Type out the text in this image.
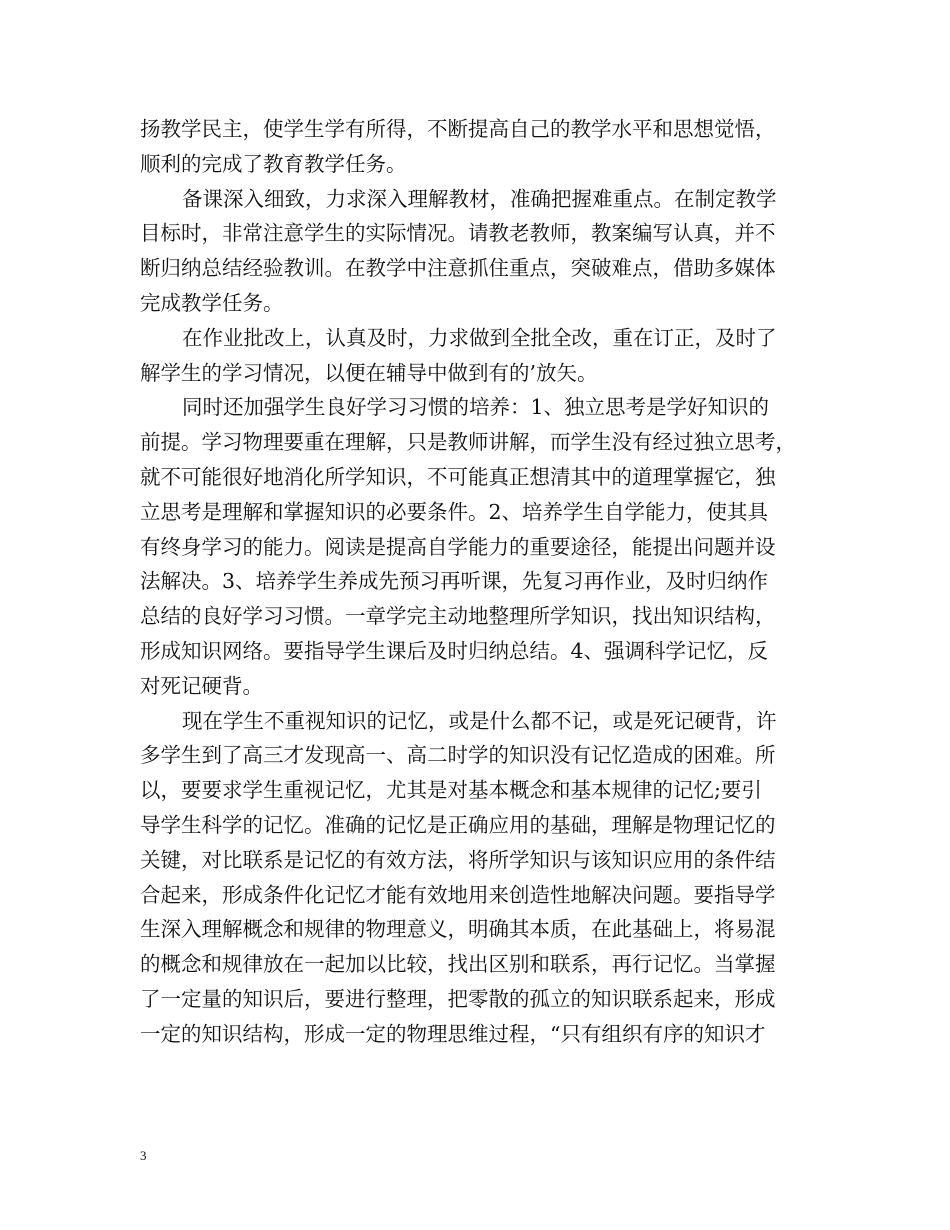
扬教学民主，使学生学有所得，不断提高自己的教学水平和思想觉悟，
顺利的完成了教育教学任务。
备课深入细致，力求深入理解教材，准确把握难重点。在制定教学
目标时，非常注意学生的实际情况。请教老教师，教案编写认真，并不
断归纳总结经验教训。在教学中注意抓住重点，突破难点，借助多媒体
完成教学任务。
在作业批改上，认真及时，力求做到全批全改，重在订正，及时了
解学生的学习情况，以便在辅导中做到有的’放矢。
同时还加强学生良好学习习惯的培养：1、独立思考是学好知识的
前提。学习物理要重在理解，只是教师讲解，而学生没有经过独立思考，
就不可能很好地消化所学知识，不可能真正想清其中的道理掌握它，独
立思考是理解和掌握知识的必要条件。2、培养学生自学能力，使其具
有终身学习的能力。阅读是提高自学能力的重要途径，能提出问题并设
法解决。3、培养学生养成先预习再听课，先复习再作业，及时归纳作
总结的良好学习习惯。一章学完主动地整理所学知识，找出知识结构，
形成知识网络。要指导学生课后及时归纳总结。4、强调科学记忆，反
对死记硬背。
现在学生不重视知识的记忆，或是什么都不记，或是死记硬背，许
多学生到了高三才发现高一、高二时学的知识没有记忆造成的困难。所
以，要要求学生重视记忆，尤其是对基本概念和基本规律的记忆;要引
导学生科学的记忆。准确的记忆是正确应用的基础，理解是物理记忆的
关键，对比联系是记忆的有效方法，将所学知识与该知识应用的条件结
合起来，形成条件化记忆才能有效地用来创造性地解决问题。要指导学
生深入理解概念和规律的物理意义，明确其本质，在此基础上，将易混
的概念和规律放在一起加以比较，找出区别和联系，再行记忆。当掌握
了一定量的知识后，要进行整理，把零散的孤立的知识联系起来，形成
一定的知识结构，形成一定的物理思维过程，“只有组织有序的知识才
3
